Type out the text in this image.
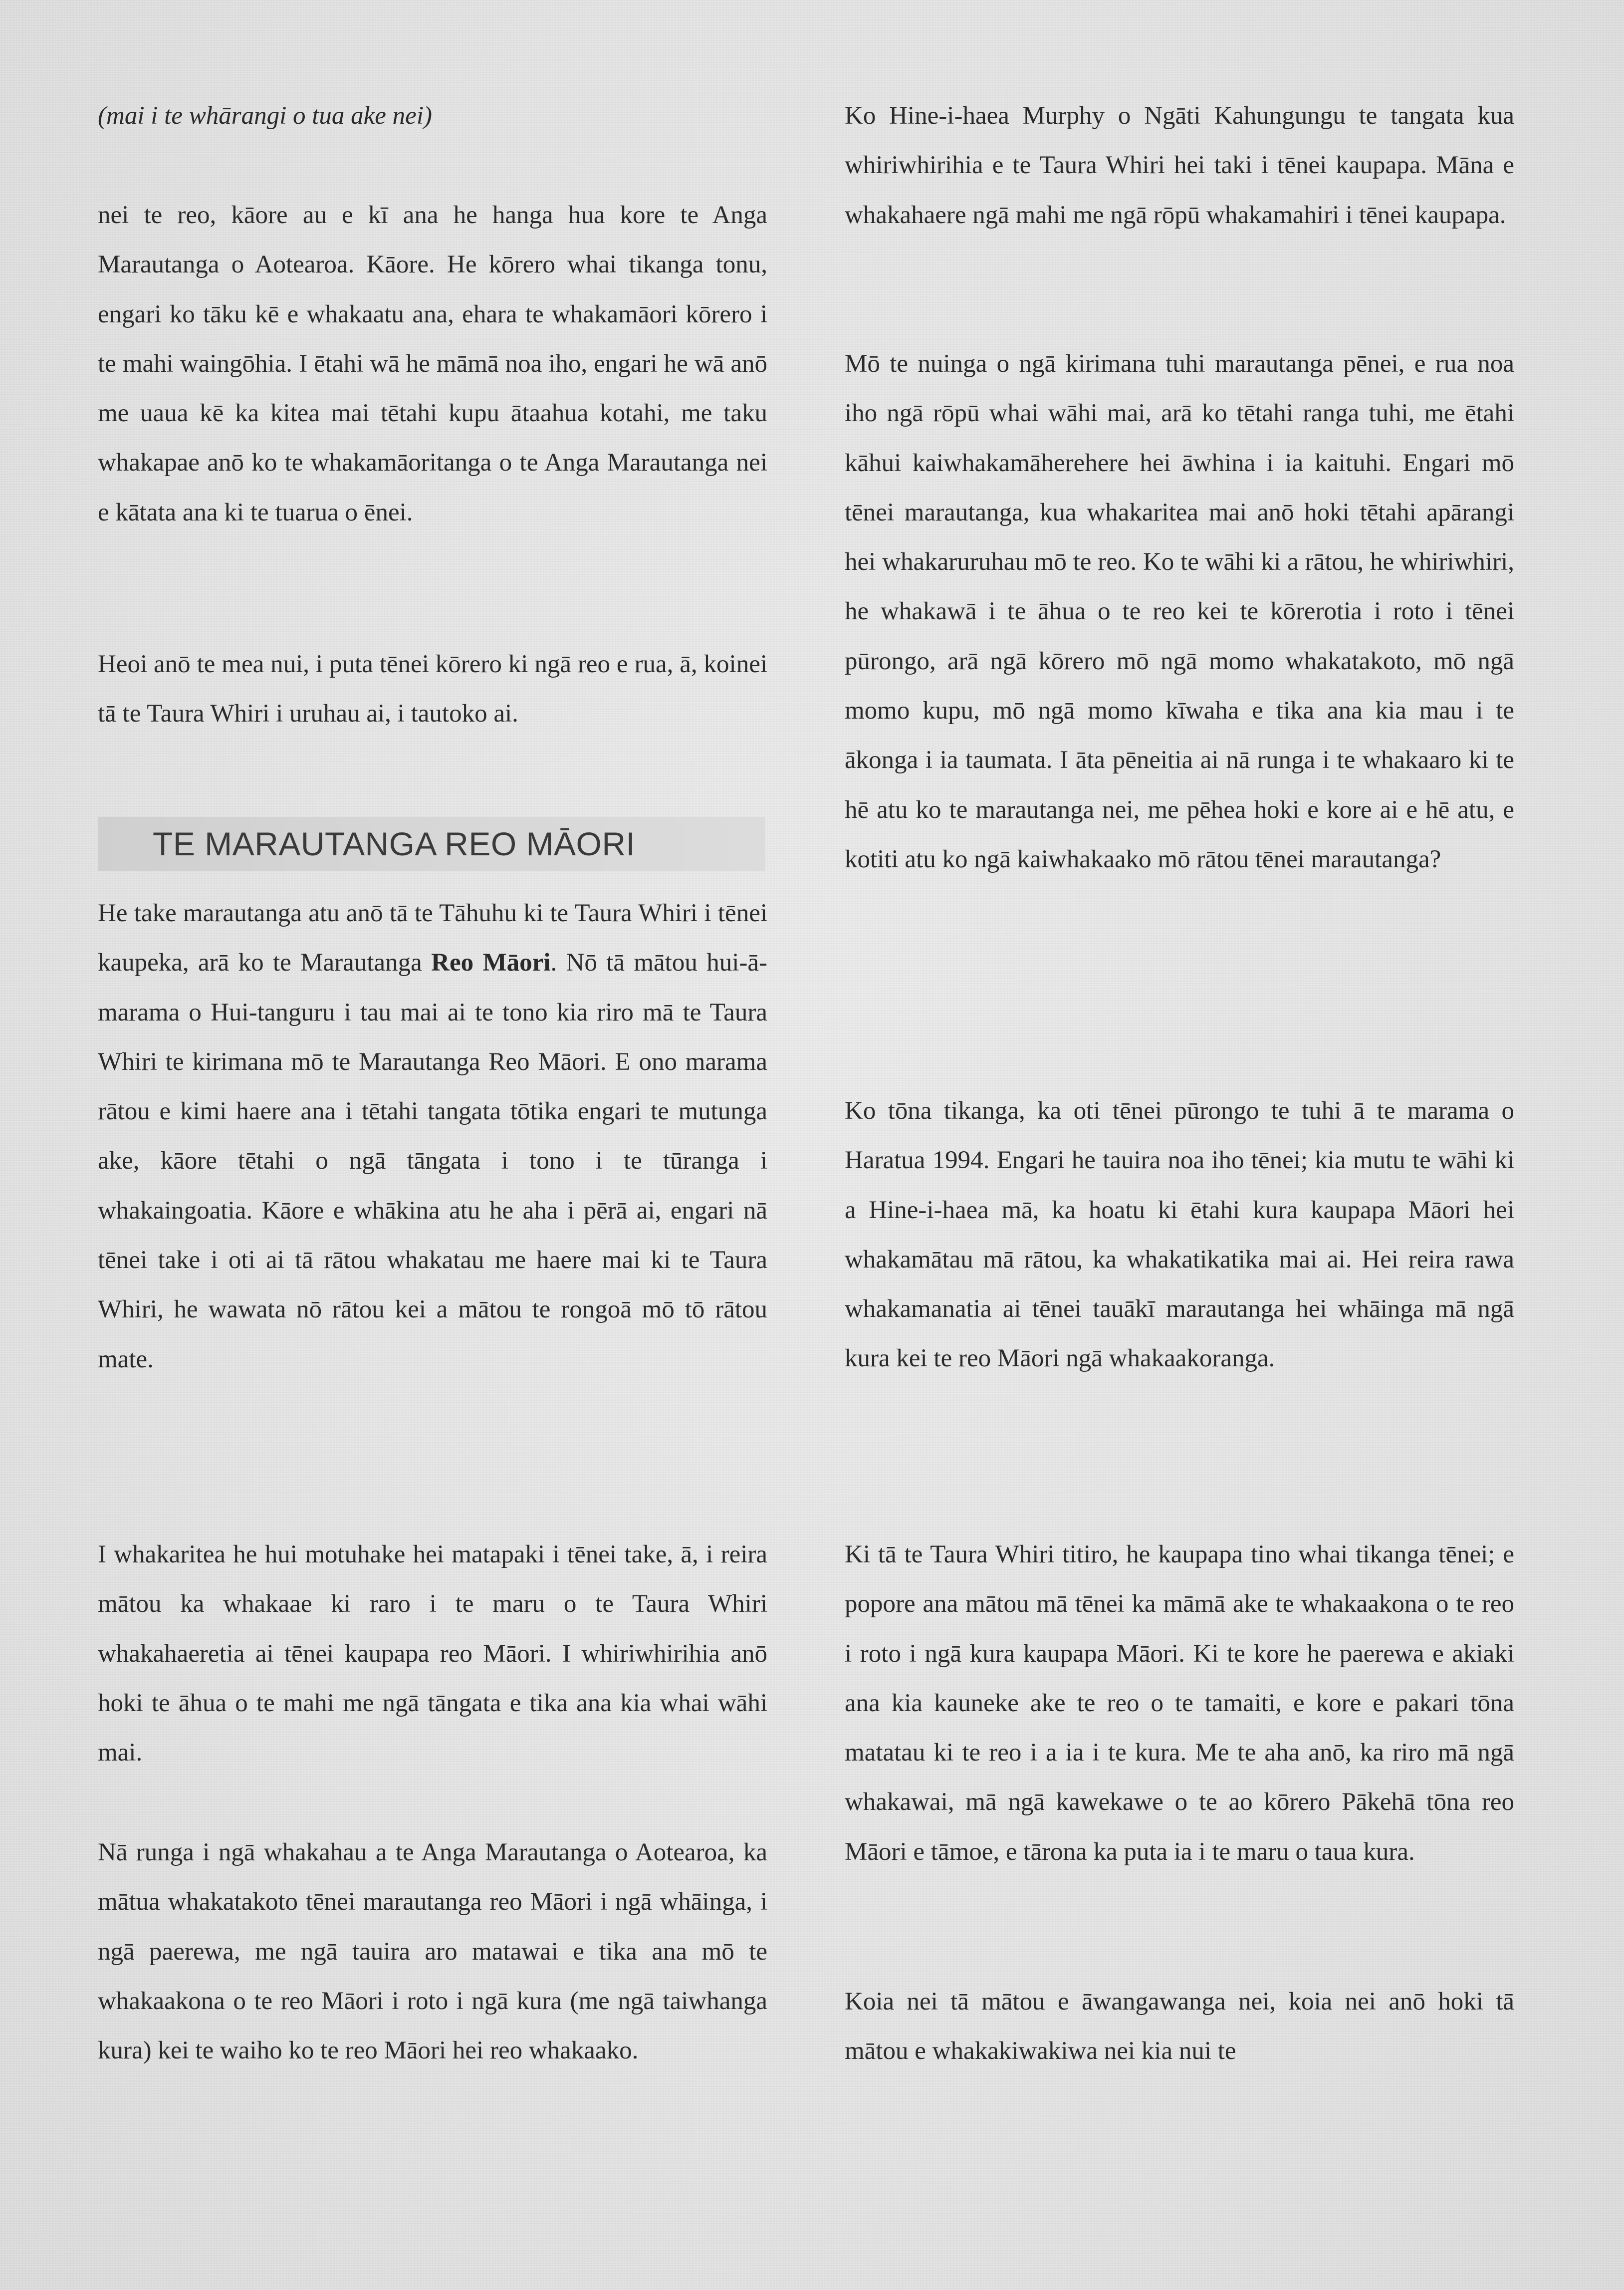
(mai i te whārangi o tua ake nei)

nei te reo, kāore au e kī ana he hanga hua kore te Anga Marautanga o Aotearoa. Kāore. He kōrero whai tikanga tonu, engari ko tāku kē e whakaatu ana, ehara te whakamāori kōrero i te mahi waingōhia. I ētahi wā he māmā noa iho, engari he wā anō me uaua kē ka kitea mai tētahi kupu ātaahua kotahi, me taku whakapae anō ko te whakamāoritanga o te Anga Marautanga nei e kātata ana ki te tuarua o ēnei.

Heoi anō te mea nui, i puta tēnei kōrero ki ngā reo e rua, ā, koinei tā te Taura Whiri i uruhau ai, i tautoko ai.

TE MARAUTANGA REO MĀORI

He take marautanga atu anō tā te Tāhuhu ki te Taura Whiri i tēnei kaupeka, arā ko te Marautanga Reo Māori. Nō tā mātou hui-ā-marama o Hui-tanguru i tau mai ai te tono kia riro mā te Taura Whiri te kirimana mō te Marautanga Reo Māori. E ono marama rātou e kimi haere ana i tētahi tangata tōtika engari te mutunga ake, kāore tētahi o ngā tāngata i tono i te tūranga i whakaingoatia. Kāore e whākina atu he aha i pērā ai, engari nā tēnei take i oti ai tā rātou whakatau me haere mai ki te Taura Whiri, he wawata nō rātou kei a mātou te rongoā mō tō rātou mate.

I whakaritea he hui motuhake hei matapaki i tēnei take, ā, i reira mātou ka whakaae ki raro i te maru o te Taura Whiri whakahaeretia ai tēnei kaupapa reo Māori. I whiriwhirihia anō hoki te āhua o te mahi me ngā tāngata e tika ana kia whai wāhi mai.

Nā runga i ngā whakahau a te Anga Marautanga o Aotearoa, ka mātua whakatakoto tēnei marautanga reo Māori i ngā whāinga, i ngā paerewa, me ngā tauira aro matawai e tika ana mō te whakaakona o te reo Māori i roto i ngā kura (me ngā taiwhanga kura) kei te waiho ko te reo Māori hei reo whakaako.

Ko Hine-i-haea Murphy o Ngāti Kahungungu te tangata kua whiriwhirihia e te Taura Whiri hei taki i tēnei kaupapa. Māna e whakahaere ngā mahi me ngā rōpū whakamahiri i tēnei kaupapa.

Mō te nuinga o ngā kirimana tuhi marautanga pēnei, e rua noa iho ngā rōpū whai wāhi mai, arā ko tētahi ranga tuhi, me ētahi kāhui kaiwhakamāherehere hei āwhina i ia kaituhi. Engari mō tēnei marautanga, kua whakaritea mai anō hoki tētahi apārangi hei whakaruruhau mō te reo. Ko te wāhi ki a rātou, he whiriwhiri, he whakawā i te āhua o te reo kei te kōrerotia i roto i tēnei pūrongo, arā ngā kōrero mō ngā momo whakatakoto, mō ngā momo kupu, mō ngā momo kīwaha e tika ana kia mau i te ākonga i ia taumata. I āta pēneitia ai nā runga i te whakaaro ki te hē atu ko te marautanga nei, me pēhea hoki e kore ai e hē atu, e kotiti atu ko ngā kaiwhakaako mō rātou tēnei marautanga?

Ko tōna tikanga, ka oti tēnei pūrongo te tuhi ā te marama o Haratua 1994. Engari he tauira noa iho tēnei; kia mutu te wāhi ki a Hine-i-haea mā, ka hoatu ki ētahi kura kaupapa Māori hei whakamātau mā rātou, ka whakatikatika mai ai. Hei reira rawa whakamanatia ai tēnei tauākī marautanga hei whāinga mā ngā kura kei te reo Māori ngā whakaakoranga.

Ki tā te Taura Whiri titiro, he kaupapa tino whai tikanga tēnei; e popore ana mātou mā tēnei ka māmā ake te whakaakona o te reo i roto i ngā kura kaupapa Māori. Ki te kore he paerewa e akiaki ana kia kauneke ake te reo o te tamaiti, e kore e pakari tōna matatau ki te reo i a ia i te kura. Me te aha anō, ka riro mā ngā whakawai, mā ngā kawekawe o te ao kōrero Pākehā tōna reo Māori e tāmoe, e tārona ka puta ia i te maru o taua kura.

Koia nei tā mātou e āwangawanga nei, koia nei anō hoki tā mātou e whakakiwakiwa nei kia nui te
